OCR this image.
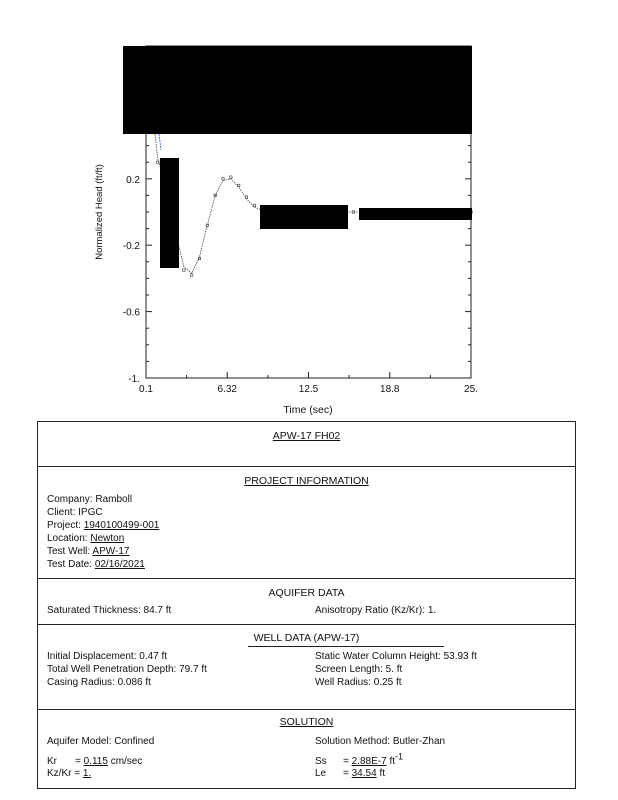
0.1	6.32	12.5	18.8	25.
-1.
-0.6
-0.2
0.2
Time (sec)
Normalized Head (ft/ft)
APW-17 FH02
PROJECT INFORMATION
Company: Ramboll
Client: IPGC
Project: 1940100499-001
Location: Newton
Test Well: APW-17
Test Date: 02/16/2021
AQUIFER DATA
Saturated Thickness: 84.7 ft	Anisotropy Ratio (Kz/Kr): 1.
WELL DATA (APW-17)
Initial Displacement: 0.47 ft	Static Water Column Height: 53.93 ft
Total Well Penetration Depth: 79.7 ft	Screen Length: 5. ft
Casing Radius: 0.086 ft	Well Radius: 0.25 ft
SOLUTION
Aquifer Model: Confined	Solution Method: Butler-Zhan
Kr = 0.115 cm/sec
Kz/Kr = 1.
Ss = 2.88E-7 $ft^{-1}$
Le = 34.54 ft
